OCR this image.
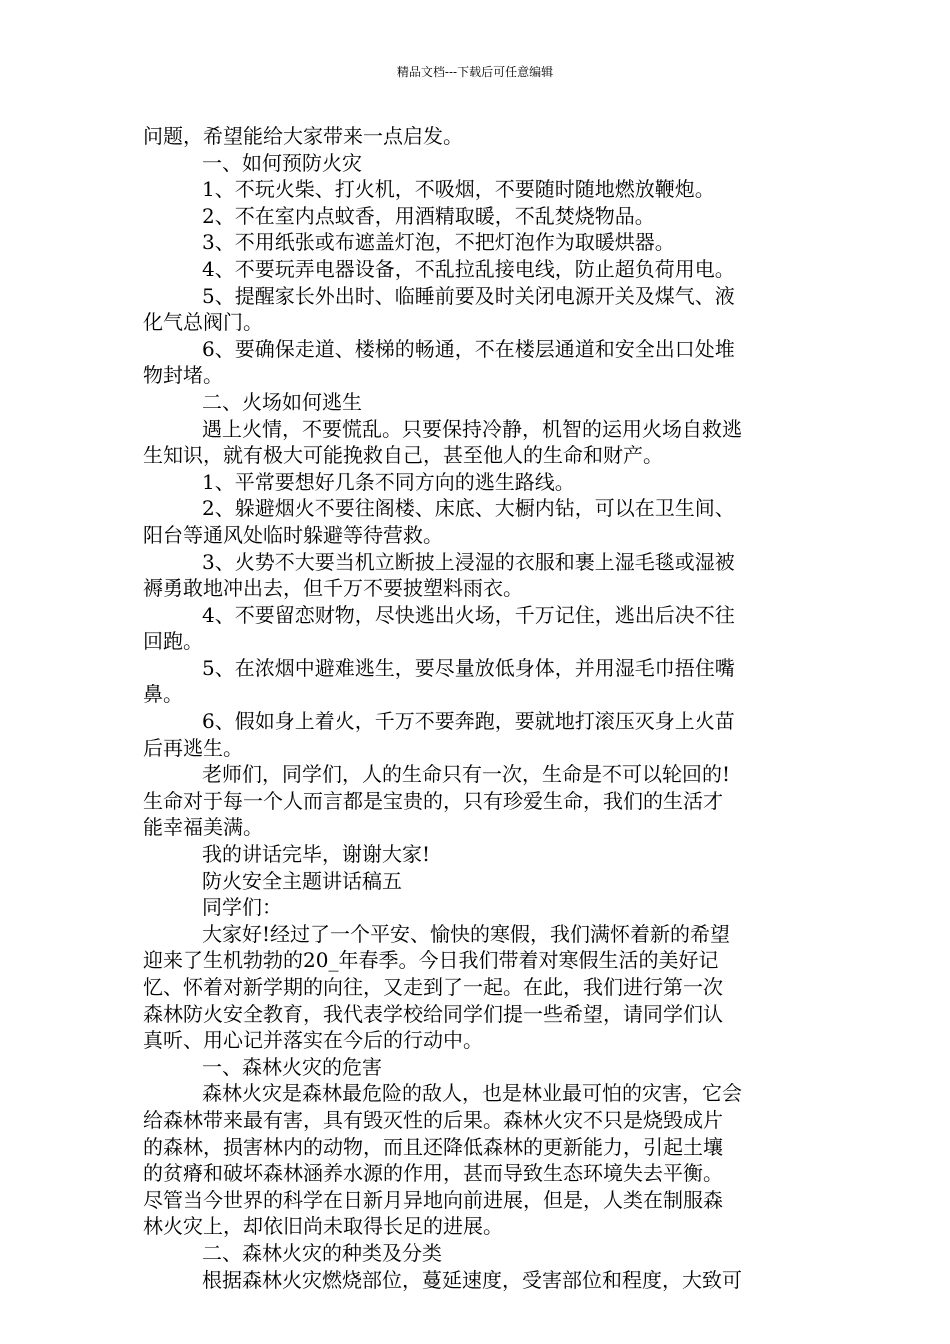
精品文档---下载后可任意编辑
问题，希望能给大家带来一点启发。
一、如何预防火灾
1、不玩火柴、打火机，不吸烟，不要随时随地燃放鞭炮。
2、不在室内点蚊香，用酒精取暖，不乱焚烧物品。
3、不用纸张或布遮盖灯泡，不把灯泡作为取暖烘器。
4、不要玩弄电器设备，不乱拉乱接电线，防止超负荷用电。
5、提醒家长外出时、临睡前要及时关闭电源开关及煤气、液
化气总阀门。
6、要确保走道、楼梯的畅通，不在楼层通道和安全出口处堆
物封堵。
二、火场如何逃生
遇上火情，不要慌乱。只要保持冷静，机智的运用火场自救逃
生知识，就有极大可能挽救自己，甚至他人的生命和财产。
1、平常要想好几条不同方向的逃生路线。
2、躲避烟火不要往阁楼、床底、大橱内钻，可以在卫生间、
阳台等通风处临时躲避等待营救。
3、火势不大要当机立断披上浸湿的衣服和裹上湿毛毯或湿被
褥勇敢地冲出去，但千万不要披塑料雨衣。
4、不要留恋财物，尽快逃出火场，千万记住，逃出后决不往
回跑。
5、在浓烟中避难逃生，要尽量放低身体，并用湿毛巾捂住嘴
鼻。
6、假如身上着火，千万不要奔跑，要就地打滚压灭身上火苗
后再逃生。
老师们，同学们，人的生命只有一次，生命是不可以轮回的!
生命对于每一个人而言都是宝贵的，只有珍爱生命，我们的生活才
能幸福美满。
我的讲话完毕，谢谢大家!
防火安全主题讲话稿五
同学们：
大家好!经过了一个平安、愉快的寒假，我们满怀着新的希望
迎来了生机勃勃的20_年春季。今日我们带着对寒假生活的美好记
忆、怀着对新学期的向往，又走到了一起。在此，我们进行第一次
森林防火安全教育，我代表学校给同学们提一些希望，请同学们认
真听、用心记并落实在今后的行动中。
一、森林火灾的危害
森林火灾是森林最危险的敌人，也是林业最可怕的灾害，它会
给森林带来最有害，具有毁灭性的后果。森林火灾不只是烧毁成片
的森林，损害林内的动物，而且还降低森林的更新能力，引起土壤
的贫瘠和破坏森林涵养水源的作用，甚而导致生态环境失去平衡。
尽管当今世界的科学在日新月异地向前进展，但是，人类在制服森
林火灾上，却依旧尚未取得长足的进展。
二、森林火灾的种类及分类
根据森林火灾燃烧部位，蔓延速度，受害部位和程度，大致可
